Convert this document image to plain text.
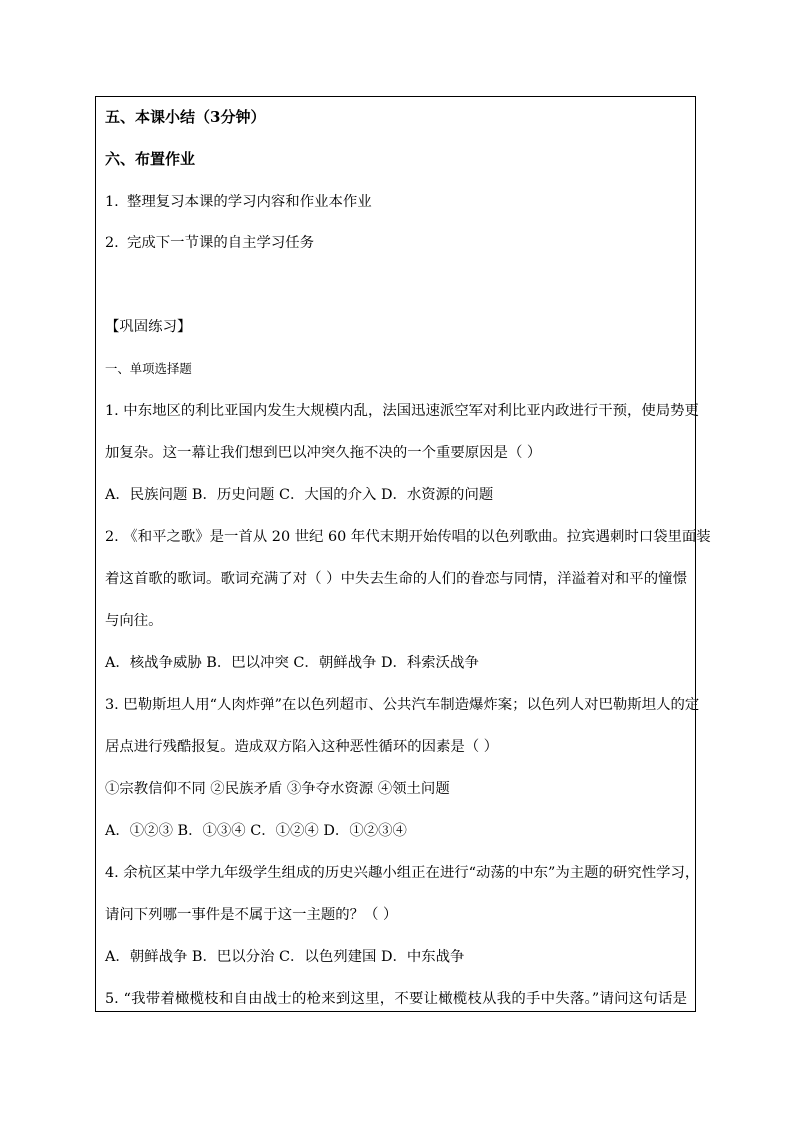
五、本课小结（3分钟）
六、布置作业
1. 整理复习本课的学习内容和作业本作业
2. 完成下一节课的自主学习任务
【巩固练习】
一、单项选择题
1. 中东地区的利比亚国内发生大规模内乱，法国迅速派空军对利比亚内政进行干预，使局势更
加复杂。这一幕让我们想到巴以冲突久拖不决的一个重要原因是（ ）
A．民族问题 B．历史问题 C．大国的介入 D．水资源的问题
2. 《和平之歌》是一首从 20 世纪 60 年代末期开始传唱的以色列歌曲。拉宾遇刺时口袋里面装
着这首歌的歌词。歌词充满了对（ ）中失去生命的人们的眷恋与同情，洋溢着对和平的憧憬
与向往。
A．核战争威胁 B．巴以冲突 C．朝鲜战争 D．科索沃战争
3. 巴勒斯坦人用“人肉炸弹”在以色列超市、公共汽车制造爆炸案；以色列人对巴勒斯坦人的定
居点进行残酷报复。造成双方陷入这种恶性循环的因素是（ ）
①宗教信仰不同 ②民族矛盾 ③争夺水资源 ④领土问题
A．①②③ B．①③④ C．①②④ D．①②③④
4. 余杭区某中学九年级学生组成的历史兴趣小组正在进行“动荡的中东”为主题的研究性学习，
请问下列哪一事件是不属于这一主题的？（ ）
A．朝鲜战争 B．巴以分治 C．以色列建国 D．中东战争
5. “我带着橄榄枝和自由战士的枪来到这里，不要让橄榄枝从我的手中失落。”请问这句话是
